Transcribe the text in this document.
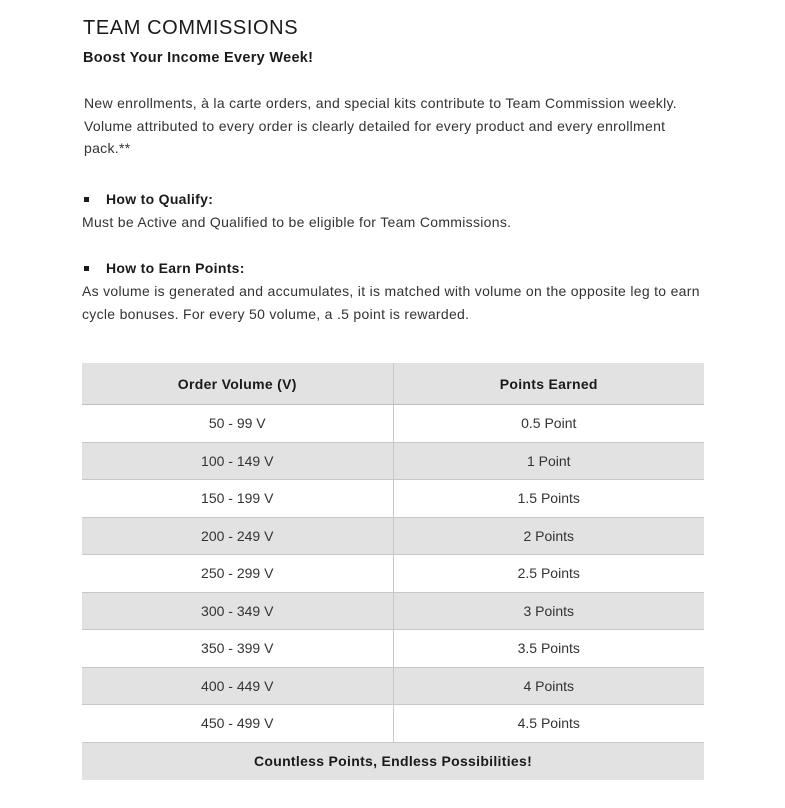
TEAM COMMISSIONS
Boost Your Income Every Week!

New enrollments, à la carte orders, and special kits contribute to Team Commission weekly. Volume attributed to every order is clearly detailed for every product and every enrollment pack.**

How to Qualify:

Must be Active and Qualified to be eligible for Team Commissions.

How to Earn Points:

As volume is generated and accumulates, it is matched with volume on the opposite leg to earn cycle bonuses. For every 50 volume, a .5 point is rewarded.

Order Volume (V)	Points Earned
50 - 99 V	0.5 Point
100 - 149 V	1 Point
150 - 199 V	1.5 Points
200 - 249 V	2 Points
250 - 299 V	2.5 Points
300 - 349 V	3 Points
350 - 399 V	3.5 Points
400 - 449 V	4 Points
450 - 499 V	4.5 Points
Countless Points, Endless Possibilities!	
